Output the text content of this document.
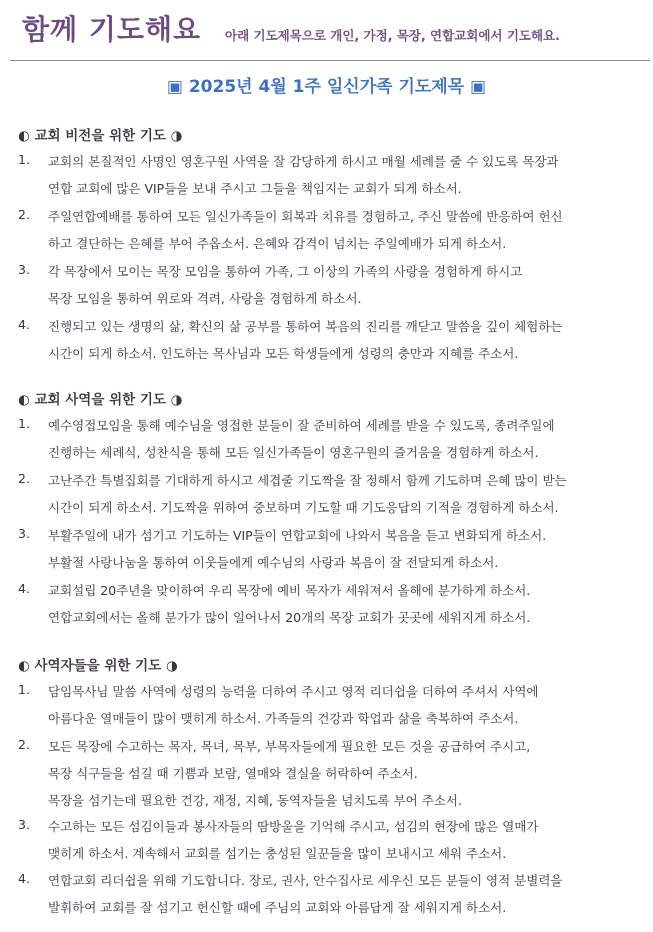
함께 기도해요 아래 기도제목으로 개인, 가정, 목장, 연합교회에서 기도해요.
▣ 2025년 4월 1주 일신가족 기도제목 ▣
◐ 교회 비전을 위한 기도 ◑
1. 교회의 본질적인 사명인 영혼구원 사역을 잘 감당하게 하시고 매월 세례를 줄 수 있도록 목장과
연합 교회에 많은 VIP들을 보내 주시고 그들을 책임지는 교회가 되게 하소서.
2. 주일연합예배를 통하여 모든 일신가족들이 회복과 치유를 경험하고, 주신 말씀에 반응하여 헌신
하고 결단하는 은혜를 부어 주옵소서. 은혜와 감격이 넘치는 주일예배가 되게 하소서.
3. 각 목장에서 모이는 목장 모임을 통하여 가족, 그 이상의 가족의 사랑을 경험하게 하시고
목장 모임을 통하여 위로와 격려, 사랑을 경험하게 하소서.
4. 진행되고 있는 생명의 삶, 확신의 삶 공부를 통하여 복음의 진리를 깨닫고 말씀을 깊이 체험하는
시간이 되게 하소서. 인도하는 목사님과 모든 학생들에게 성령의 충만과 지혜를 주소서.
◐ 교회 사역을 위한 기도 ◑
1. 예수영접모임을 통해 예수님을 영접한 분들이 잘 준비하여 세례를 받을 수 있도록, 종려주일에
진행하는 세례식, 성찬식을 통해 모든 일신가족들이 영혼구원의 즐거움을 경험하게 하소서.
2. 고난주간 특별집회를 기대하게 하시고 세겹줄 기도짝을 잘 정해서 함께 기도하며 은혜 많이 받는
시간이 되게 하소서. 기도짝을 위하여 중보하며 기도할 때 기도응답의 기적을 경험하게 하소서.
3. 부활주일에 내가 섬기고 기도하는 VIP들이 연합교회에 나와서 복음을 듣고 변화되게 하소서.
부활절 사랑나눔을 통하여 이웃들에게 예수님의 사랑과 복음이 잘 전달되게 하소서.
4. 교회설립 20주년을 맞이하여 우리 목장에 예비 목자가 세워져서 올해에 분가하게 하소서.
연합교회에서는 올해 분가가 많이 일어나서 20개의 목장 교회가 곳곳에 세워지게 하소서.
◐ 사역자들을 위한 기도 ◑
1. 담임목사님 말씀 사역에 성령의 능력을 더하여 주시고 영적 리더쉽을 더하여 주셔서 사역에
아름다운 열매들이 많이 맺히게 하소서. 가족들의 건강과 학업과 삶을 축복하여 주소서.
2. 모든 목장에 수고하는 목자, 목녀, 목부, 부목자들에게 필요한 모든 것을 공급하여 주시고,
목장 식구들을 섬길 때 기쁨과 보람, 열매와 결실을 허락하여 주소서.
목장을 섬기는데 필요한 건강, 재정, 지혜, 동역자들을 넘치도록 부어 주소서.
3. 수고하는 모든 섬김이들과 봉사자들의 땀방울을 기억해 주시고, 섬김의 현장에 많은 열매가
맺히게 하소서. 계속해서 교회를 섬기는 충성된 일꾼들을 많이 보내시고 세워 주소서.
4. 연합교회 리더쉽을 위해 기도합니다. 장로, 권사, 안수집사로 세우신 모든 분들이 영적 분별력을
발휘하여 교회를 잘 섬기고 헌신할 때에 주님의 교회와 아름답게 잘 세워지게 하소서.
